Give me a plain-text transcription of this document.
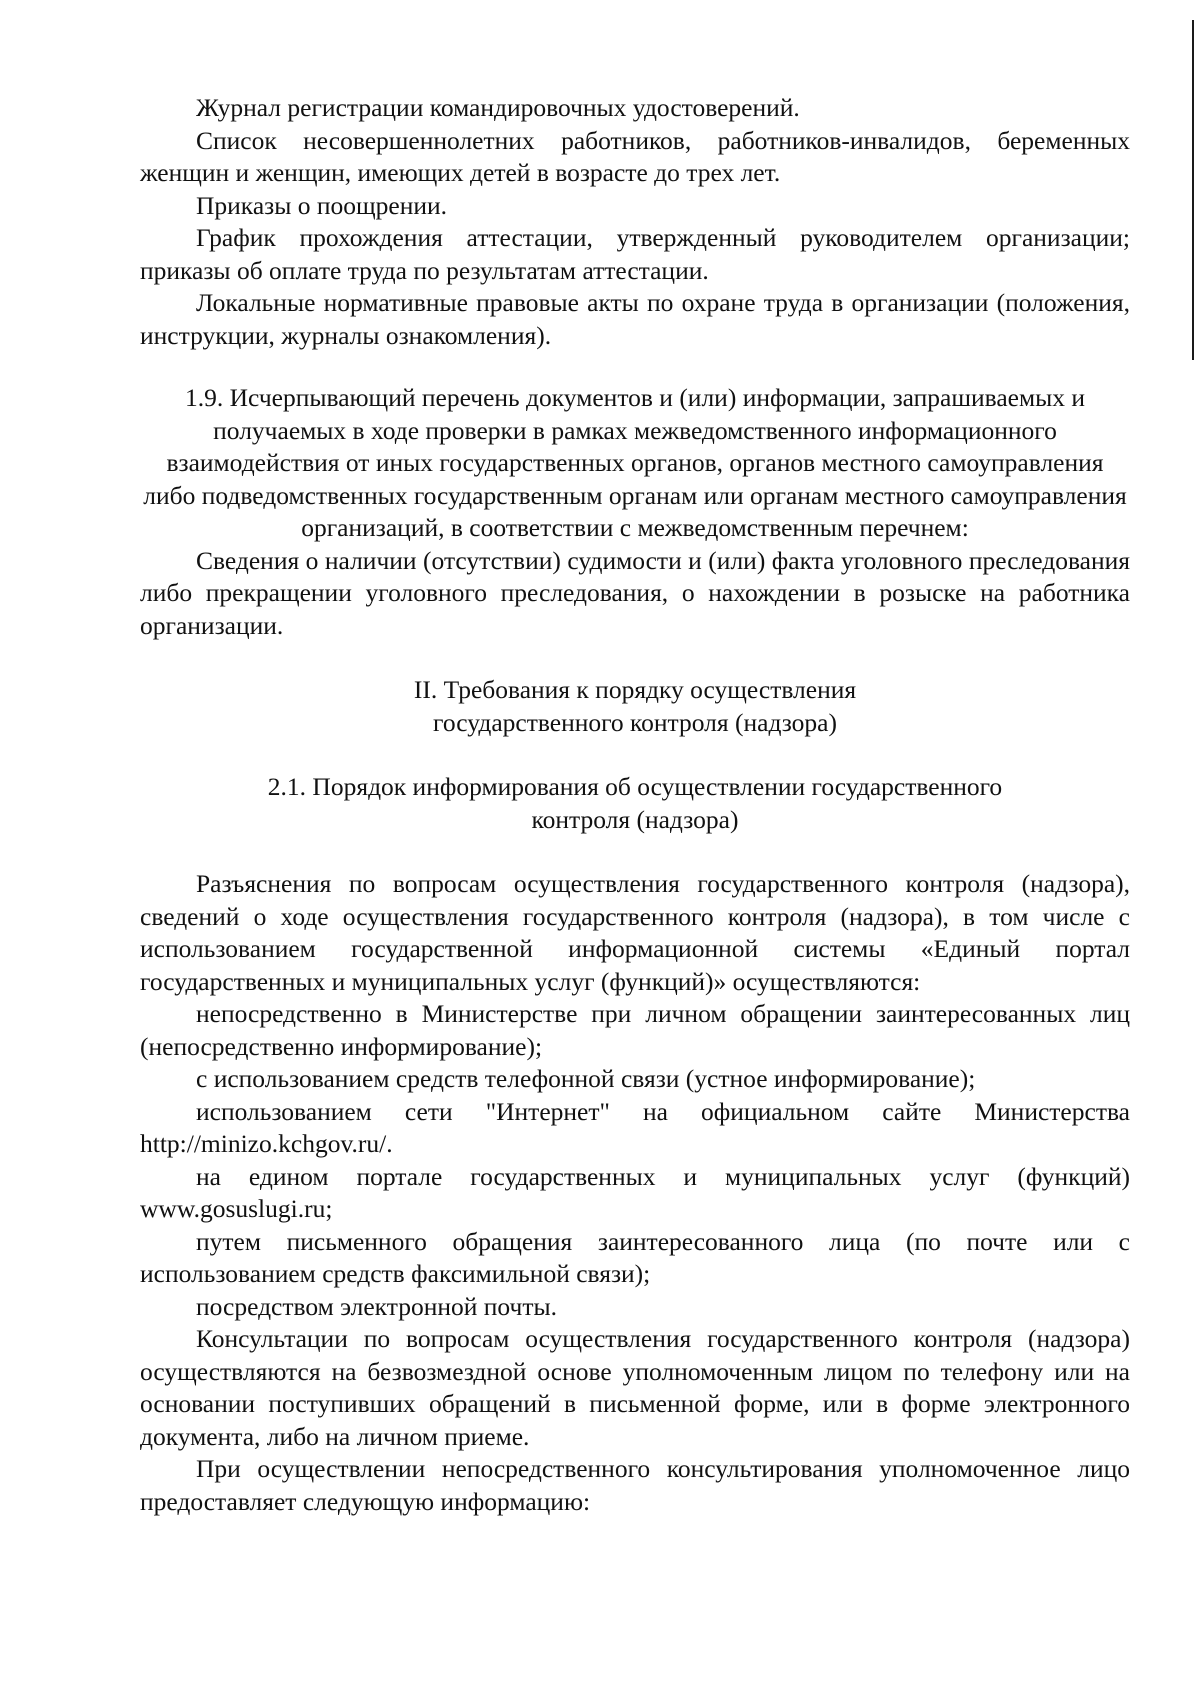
Журнал регистрации командировочных удостоверений.

Список несовершеннолетних работников, работников-инвалидов, беременных женщин и женщин, имеющих детей в возрасте до трех лет.

Приказы о поощрении.

График прохождения аттестации, утвержденный руководителем организации; приказы об оплате труда по результатам аттестации.

Локальные нормативные правовые акты по охране труда в организации (положения, инструкции, журналы ознакомления).

1.9. Исчерпывающий перечень документов и (или) информации, запрашиваемых и получаемых в ходе проверки в рамках межведомственного информационного взаимодействия от иных государственных органов, органов местного самоуправления либо подведомственных государственным органам или органам местного самоуправления организаций, в соответствии с межведомственным перечнем:

Сведения о наличии (отсутствии) судимости и (или) факта уголовного преследования либо прекращении уголовного преследования, о нахождении в розыске на работника организации.

II. Требования к порядку осуществления

государственного контроля (надзора)

2.1. Порядок информирования об осуществлении государственного

контроля (надзора)

Разъяснения по вопросам осуществления государственного контроля (надзора), сведений о ходе осуществления государственного контроля (надзора), в том числе с использованием государственной информационной системы «Единый портал государственных и муниципальных услуг (функций)» осуществляются:

непосредственно в Министерстве при личном обращении заинтересованных лиц (непосредственно информирование);

с использованием средств телефонной связи (устное информирование);

использованием сети "Интернет" на официальном сайте Министерства http://minizo.kchgov.ru/.

на едином портале государственных и муниципальных услуг (функций) www.gosuslugi.ru;

путем письменного обращения заинтересованного лица (по почте или с использованием средств факсимильной связи);

посредством электронной почты.

Консультации по вопросам осуществления государственного контроля (надзора) осуществляются на безвозмездной основе уполномоченным лицом по телефону или на основании поступивших обращений в письменной форме, или в форме электронного документа, либо на личном приеме.

При осуществлении непосредственного консультирования уполномоченное лицо предоставляет следующую информацию:
